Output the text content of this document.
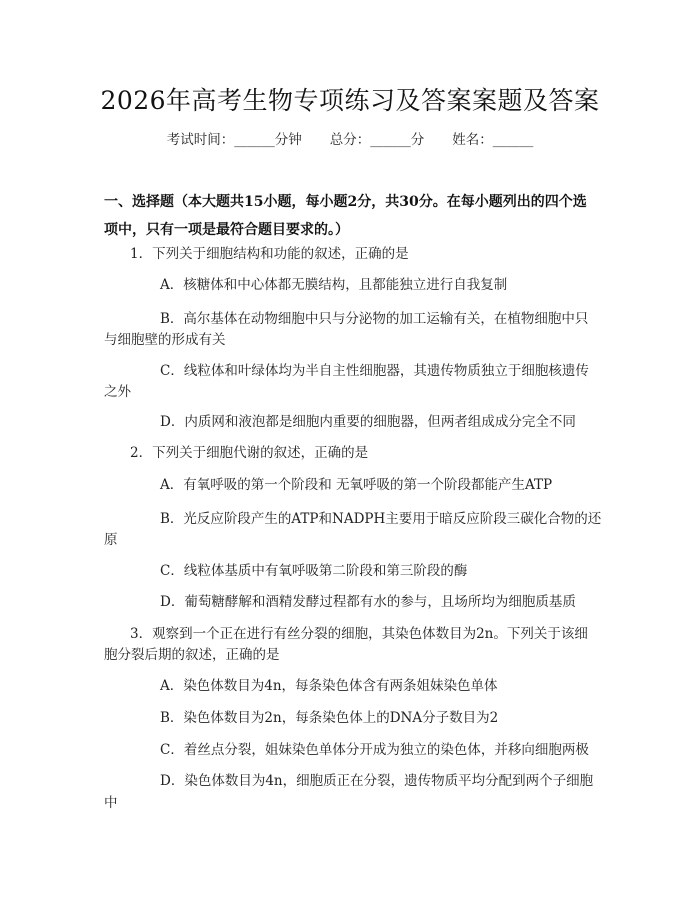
2026年高考生物专项练习及答案案题及答案
考试时间：______分钟 总分：______分 姓名：______
一、选择题（本大题共15小题，每小题2分，共30分。在每小题列出的四个选项中，只有一项是最符合题目要求的。）
1．下列关于细胞结构和功能的叙述，正确的是
A．核糖体和中心体都无膜结构，且都能独立进行自我复制
B．高尔基体在动物细胞中只与分泌物的加工运输有关，在植物细胞中只
与细胞壁的形成有关
C．线粒体和叶绿体均为半自主性细胞器，其遗传物质独立于细胞核遗传
之外
D．内质网和液泡都是细胞内重要的细胞器，但两者组成成分完全不同
2．下列关于细胞代谢的叙述，正确的是
A．有氧呼吸的第一个阶段和 无氧呼吸的第一个阶段都能产生ATP
B．光反应阶段产生的ATP和NADPH主要用于暗反应阶段三碳化合物的还
原
C．线粒体基质中有氧呼吸第二阶段和第三阶段的酶
D．葡萄糖酵解和酒精发酵过程都有水的参与，且场所均为细胞质基质
3．观察到一个正在进行有丝分裂的细胞，其染色体数目为2n。下列关于该细
胞分裂后期的叙述，正确的是
A．染色体数目为4n，每条染色体含有两条姐妹染色单体
B．染色体数目为2n，每条染色体上的DNA分子数目为2
C．着丝点分裂，姐妹染色单体分开成为独立的染色体，并移向细胞两极
D．染色体数目为4n，细胞质正在分裂，遗传物质平均分配到两个子细胞
中
